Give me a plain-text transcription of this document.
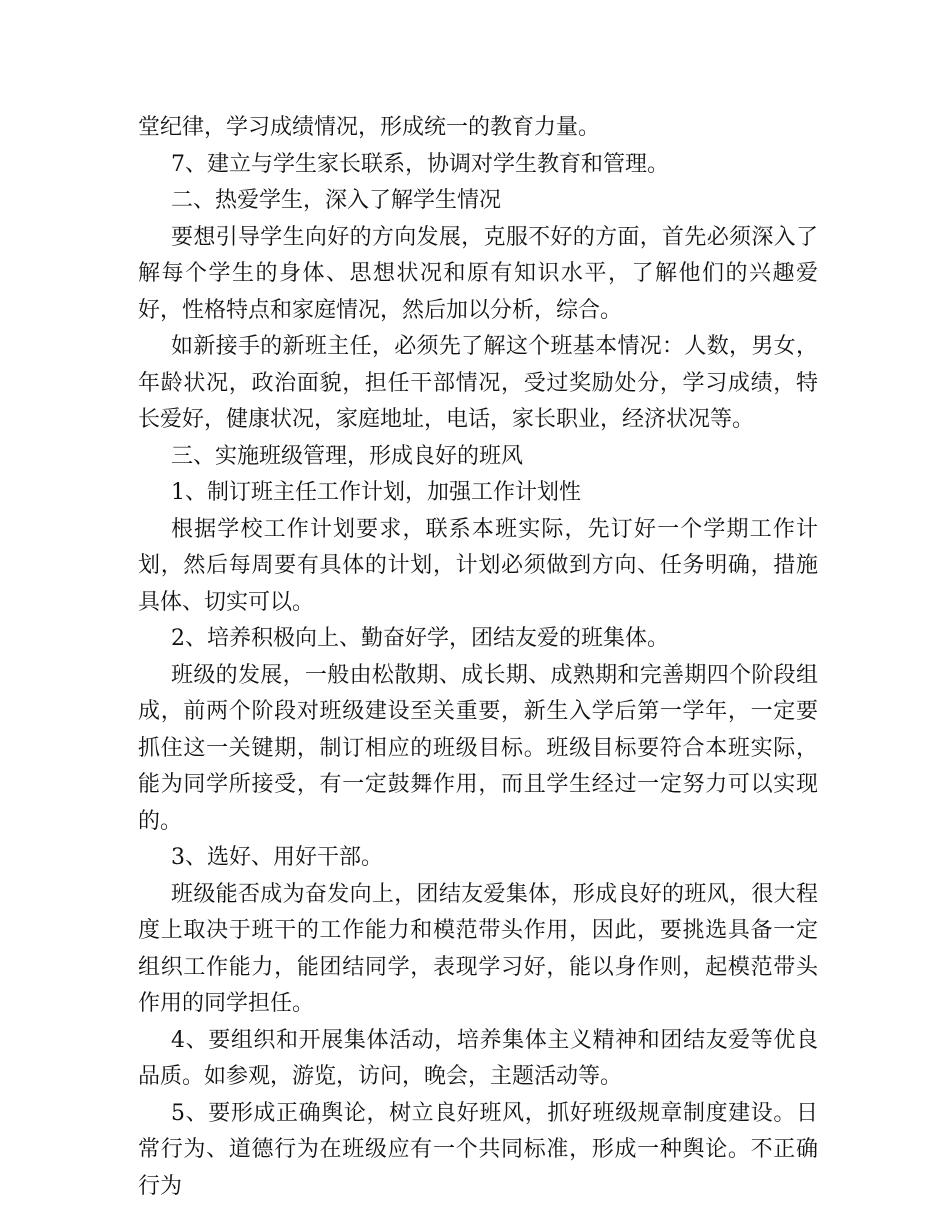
堂纪律，学习成绩情况，形成统一的教育力量。

7、建立与学生家长联系，协调对学生教育和管理。

二、热爱学生，深入了解学生情况

要想引导学生向好的方向发展，克服不好的方面，首先必须深入了解每个学生的身体、思想状况和原有知识水平，了解他们的兴趣爱好，性格特点和家庭情况，然后加以分析，综合。

如新接手的新班主任，必须先了解这个班基本情况：人数，男女，年龄状况，政治面貌，担任干部情况，受过奖励处分，学习成绩，特长爱好，健康状况，家庭地址，电话，家长职业，经济状况等。

三、实施班级管理，形成良好的班风

1、制订班主任工作计划，加强工作计划性

根据学校工作计划要求，联系本班实际，先订好一个学期工作计划，然后每周要有具体的计划，计划必须做到方向、任务明确，措施具体、切实可以。

2、培养积极向上、勤奋好学，团结友爱的班集体。

班级的发展，一般由松散期、成长期、成熟期和完善期四个阶段组成，前两个阶段对班级建设至关重要，新生入学后第一学年，一定要抓住这一关键期，制订相应的班级目标。班级目标要符合本班实际，能为同学所接受，有一定鼓舞作用，而且学生经过一定努力可以实现的。

3、选好、用好干部。

班级能否成为奋发向上，团结友爱集体，形成良好的班风，很大程度上取决于班干的工作能力和模范带头作用，因此，要挑选具备一定组织工作能力，能团结同学，表现学习好，能以身作则，起模范带头作用的同学担任。

4、要组织和开展集体活动，培养集体主义精神和团结友爱等优良品质。如参观，游览，访问，晚会，主题活动等。

5、要形成正确舆论，树立良好班风，抓好班级规章制度建设。日常行为、道德行为在班级应有一个共同标准，形成一种舆论。不正确行为
